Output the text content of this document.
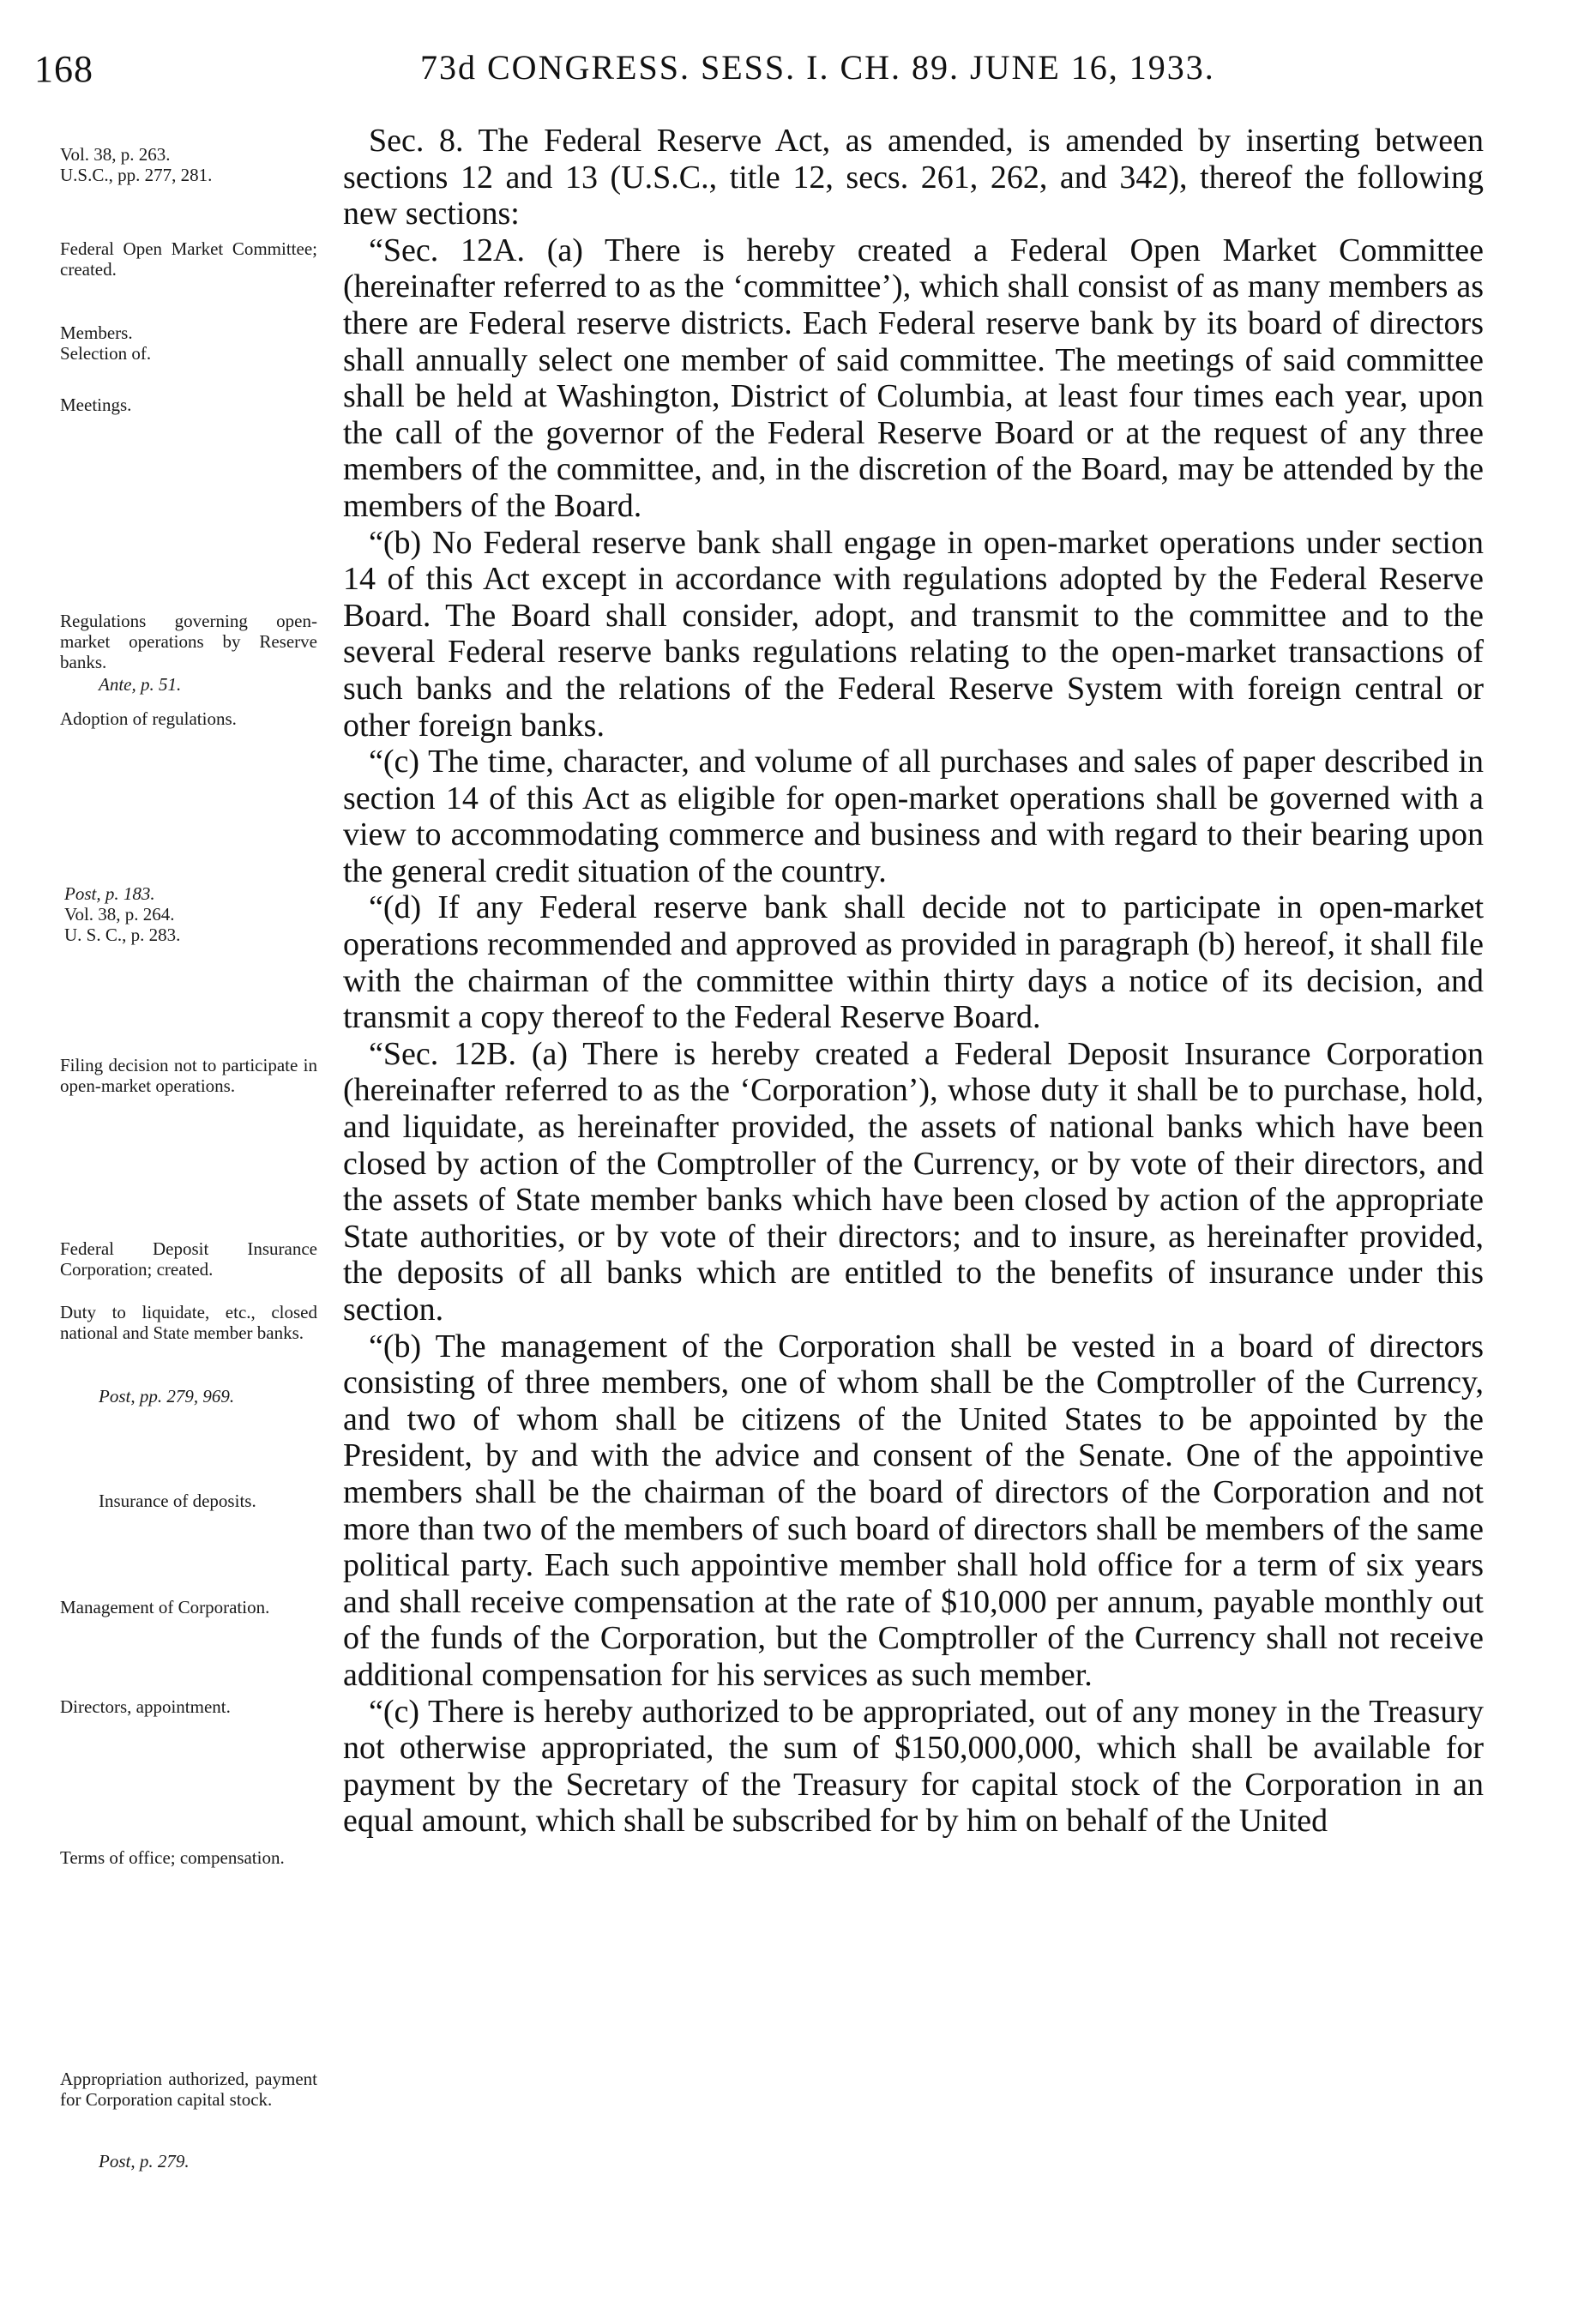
168	73d CONGRESS. SESS. I. CH. 89. JUNE 16, 1933.
Vol. 38, p. 263.
U.S.C., pp. 277, 281.
Federal Open Market Committee; created.
Members.
Selection of.
Meetings.
Regulations governing open-market operations by Reserve banks.
Ante, p. 51.
Adoption of regulations.
Post, p. 183.
Vol. 38, p. 264.
U. S. C., p. 283.
Filing decision not to participate in open-market operations.
Federal Deposit Insurance Corporation; created.
Duty to liquidate, etc., closed national and State member banks.
Post, pp. 279, 969.
Insurance of deposits.
Management of Corporation.
Directors, appointment.
Terms of office; compensation.
Appropriation authorized, payment for Corporation capital stock.
Post, p. 279.

Sec. 8. The Federal Reserve Act, as amended, is amended by inserting between sections 12 and 13 (U.S.C., title 12, secs. 261, 262, and 342), thereof the following new sections:

“Sec. 12A. (a) There is hereby created a Federal Open Market Committee (hereinafter referred to as the ‘committee’), which shall consist of as many members as there are Federal reserve districts. Each Federal reserve bank by its board of directors shall annually select one member of said committee. The meetings of said committee shall be held at Washington, District of Columbia, at least four times each year, upon the call of the governor of the Federal Reserve Board or at the request of any three members of the committee, and, in the discretion of the Board, may be attended by the members of the Board.

“(b) No Federal reserve bank shall engage in open-market operations under section 14 of this Act except in accordance with regulations adopted by the Federal Reserve Board. The Board shall consider, adopt, and transmit to the committee and to the several Federal reserve banks regulations relating to the open-market transactions of such banks and the relations of the Federal Reserve System with foreign central or other foreign banks.

“(c) The time, character, and volume of all purchases and sales of paper described in section 14 of this Act as eligible for open-market operations shall be governed with a view to accommodating commerce and business and with regard to their bearing upon the general credit situation of the country.

“(d) If any Federal reserve bank shall decide not to participate in open-market operations recommended and approved as provided in paragraph (b) hereof, it shall file with the chairman of the committee within thirty days a notice of its decision, and transmit a copy thereof to the Federal Reserve Board.

“Sec. 12B. (a) There is hereby created a Federal Deposit Insurance Corporation (hereinafter referred to as the ‘Corporation’), whose duty it shall be to purchase, hold, and liquidate, as hereinafter provided, the assets of national banks which have been closed by action of the Comptroller of the Currency, or by vote of their directors, and the assets of State member banks which have been closed by action of the appropriate State authorities, or by vote of their directors; and to insure, as hereinafter provided, the deposits of all banks which are entitled to the benefits of insurance under this section.

“(b) The management of the Corporation shall be vested in a board of directors consisting of three members, one of whom shall be the Comptroller of the Currency, and two of whom shall be citizens of the United States to be appointed by the President, by and with the advice and consent of the Senate. One of the appointive members shall be the chairman of the board of directors of the Corporation and not more than two of the members of such board of directors shall be members of the same political party. Each such appointive member shall hold office for a term of six years and shall receive compensation at the rate of $10,000 per annum, payable monthly out of the funds of the Corporation, but the Comptroller of the Currency shall not receive additional compensation for his services as such member.

“(c) There is hereby authorized to be appropriated, out of any money in the Treasury not otherwise appropriated, the sum of $150,000,000, which shall be available for payment by the Secretary of the Treasury for capital stock of the Corporation in an equal amount, which shall be subscribed for by him on behalf of the United
